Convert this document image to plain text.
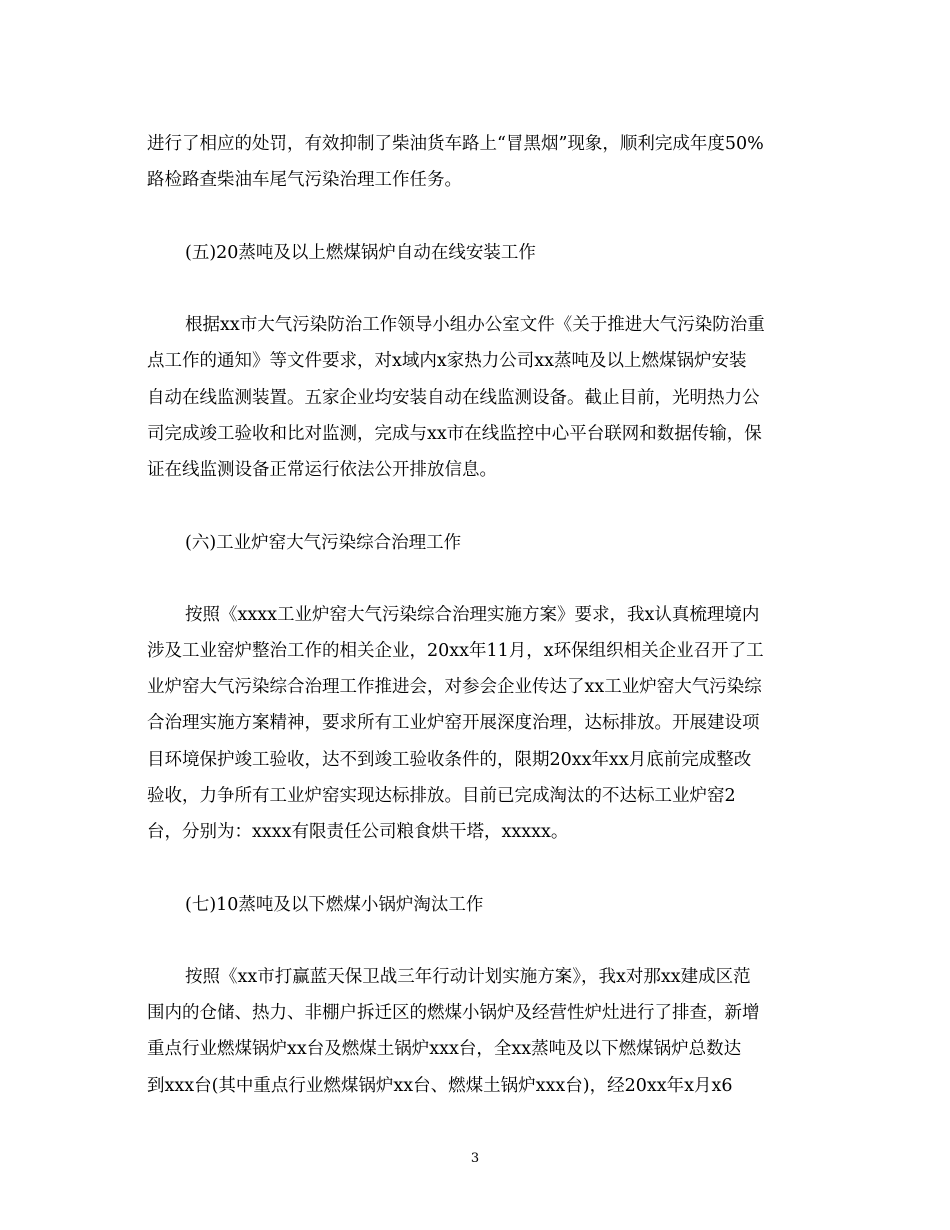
进行了相应的处罚，有效抑制了柴油货车路上“冒黑烟”现象，顺利完成年度50%
路检路查柴油车尾气污染治理工作任务。
(五)20蒸吨及以上燃煤锅炉自动在线安装工作
根据xx市大气污染防治工作领导小组办公室文件《关于推进大气污染防治重
点工作的通知》等文件要求，对x域内x家热力公司xx蒸吨及以上燃煤锅炉安装
自动在线监测装置。五家企业均安装自动在线监测设备。截止目前，光明热力公
司完成竣工验收和比对监测，完成与xx市在线监控中心平台联网和数据传输，保
证在线监测设备正常运行依法公开排放信息。
(六)工业炉窑大气污染综合治理工作
按照《xxxx工业炉窑大气污染综合治理实施方案》要求，我x认真梳理境内
涉及工业窑炉整治工作的相关企业，20xx年11月，x环保组织相关企业召开了工
业炉窑大气污染综合治理工作推进会，对参会企业传达了xx工业炉窑大气污染综
合治理实施方案精神，要求所有工业炉窑开展深度治理，达标排放。开展建设项
目环境保护竣工验收，达不到竣工验收条件的，限期20xx年xx月底前完成整改
验收，力争所有工业炉窑实现达标排放。目前已完成淘汰的不达标工业炉窑2
台，分别为：xxxx有限责任公司粮食烘干塔，xxxxx。
(七)10蒸吨及以下燃煤小锅炉淘汰工作
按照《xx市打赢蓝天保卫战三年行动计划实施方案》，我x对那xx建成区范
围内的仓储、热力、非棚户拆迁区的燃煤小锅炉及经营性炉灶进行了排查，新增
重点行业燃煤锅炉xx台及燃煤土锅炉xxx台，全xx蒸吨及以下燃煤锅炉总数达
到xxx台(其中重点行业燃煤锅炉xx台、燃煤土锅炉xxx台)，经20xx年x月x6
3
